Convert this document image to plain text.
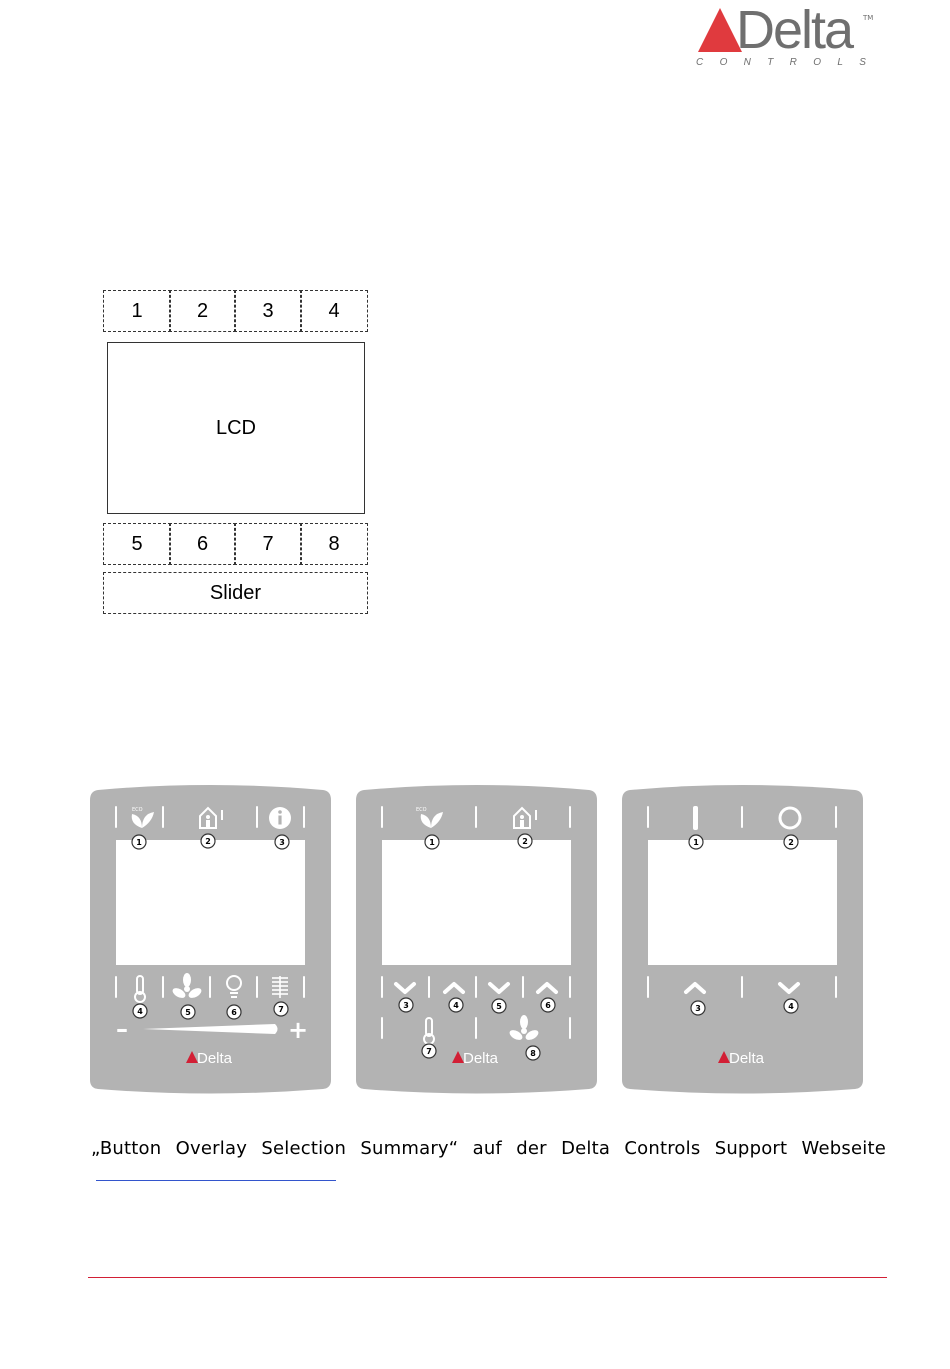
Delta TM
C O N T R O L S
1	2	3	4
LCD
5	6	7	8
Slider
ECO
–	+
1	2	3
4	5	6	7
Delta
ECO
1	2
3	4	5	6
7	8
Delta
1	2
3	4
Delta
„Button Overlay Selection Summary“ auf der Delta Controls Support Webseite
